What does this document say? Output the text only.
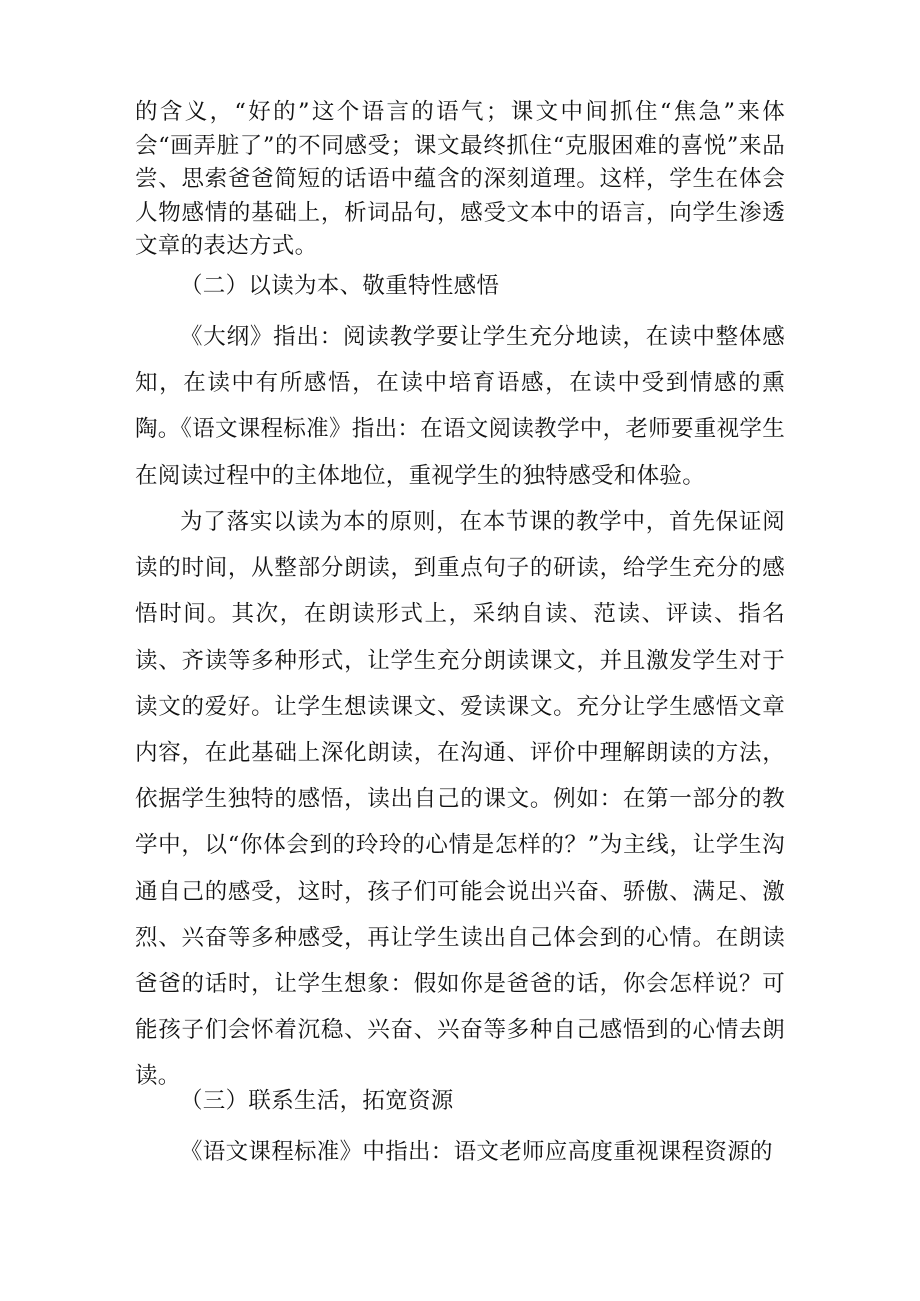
的含义，“好的”这个语言的语气；课文中间抓住“焦急”来体会“画弄脏了”的不同感受；课文最终抓住“克服困难的喜悦”来品尝、思索爸爸简短的话语中蕴含的深刻道理。这样，学生在体会人物感情的基础上，析词品句，感受文本中的语言，向学生渗透文章的表达方式。

（二）以读为本、敬重特性感悟

《大纲》指出：阅读教学要让学生充分地读，在读中整体感知，在读中有所感悟，在读中培育语感，在读中受到情感的熏陶。《语文课程标准》指出：在语文阅读教学中，老师要重视学生在阅读过程中的主体地位，重视学生的独特感受和体验。

为了落实以读为本的原则，在本节课的教学中，首先保证阅读的时间，从整部分朗读，到重点句子的研读，给学生充分的感悟时间。其次，在朗读形式上，采纳自读、范读、评读、指名读、齐读等多种形式，让学生充分朗读课文，并且激发学生对于读文的爱好。让学生想读课文、爱读课文。充分让学生感悟文章内容，在此基础上深化朗读，在沟通、评价中理解朗读的方法，依据学生独特的感悟，读出自己的课文。例如：在第一部分的教学中，以“你体会到的玲玲的心情是怎样的？”为主线，让学生沟通自己的感受，这时，孩子们可能会说出兴奋、骄傲、满足、激烈、兴奋等多种感受，再让学生读出自己体会到的心情。在朗读爸爸的话时，让学生想象：假如你是爸爸的话，你会怎样说？可能孩子们会怀着沉稳、兴奋、兴奋等多种自己感悟到的心情去朗读。

（三）联系生活，拓宽资源

《语文课程标准》中指出：语文老师应高度重视课程资源的
